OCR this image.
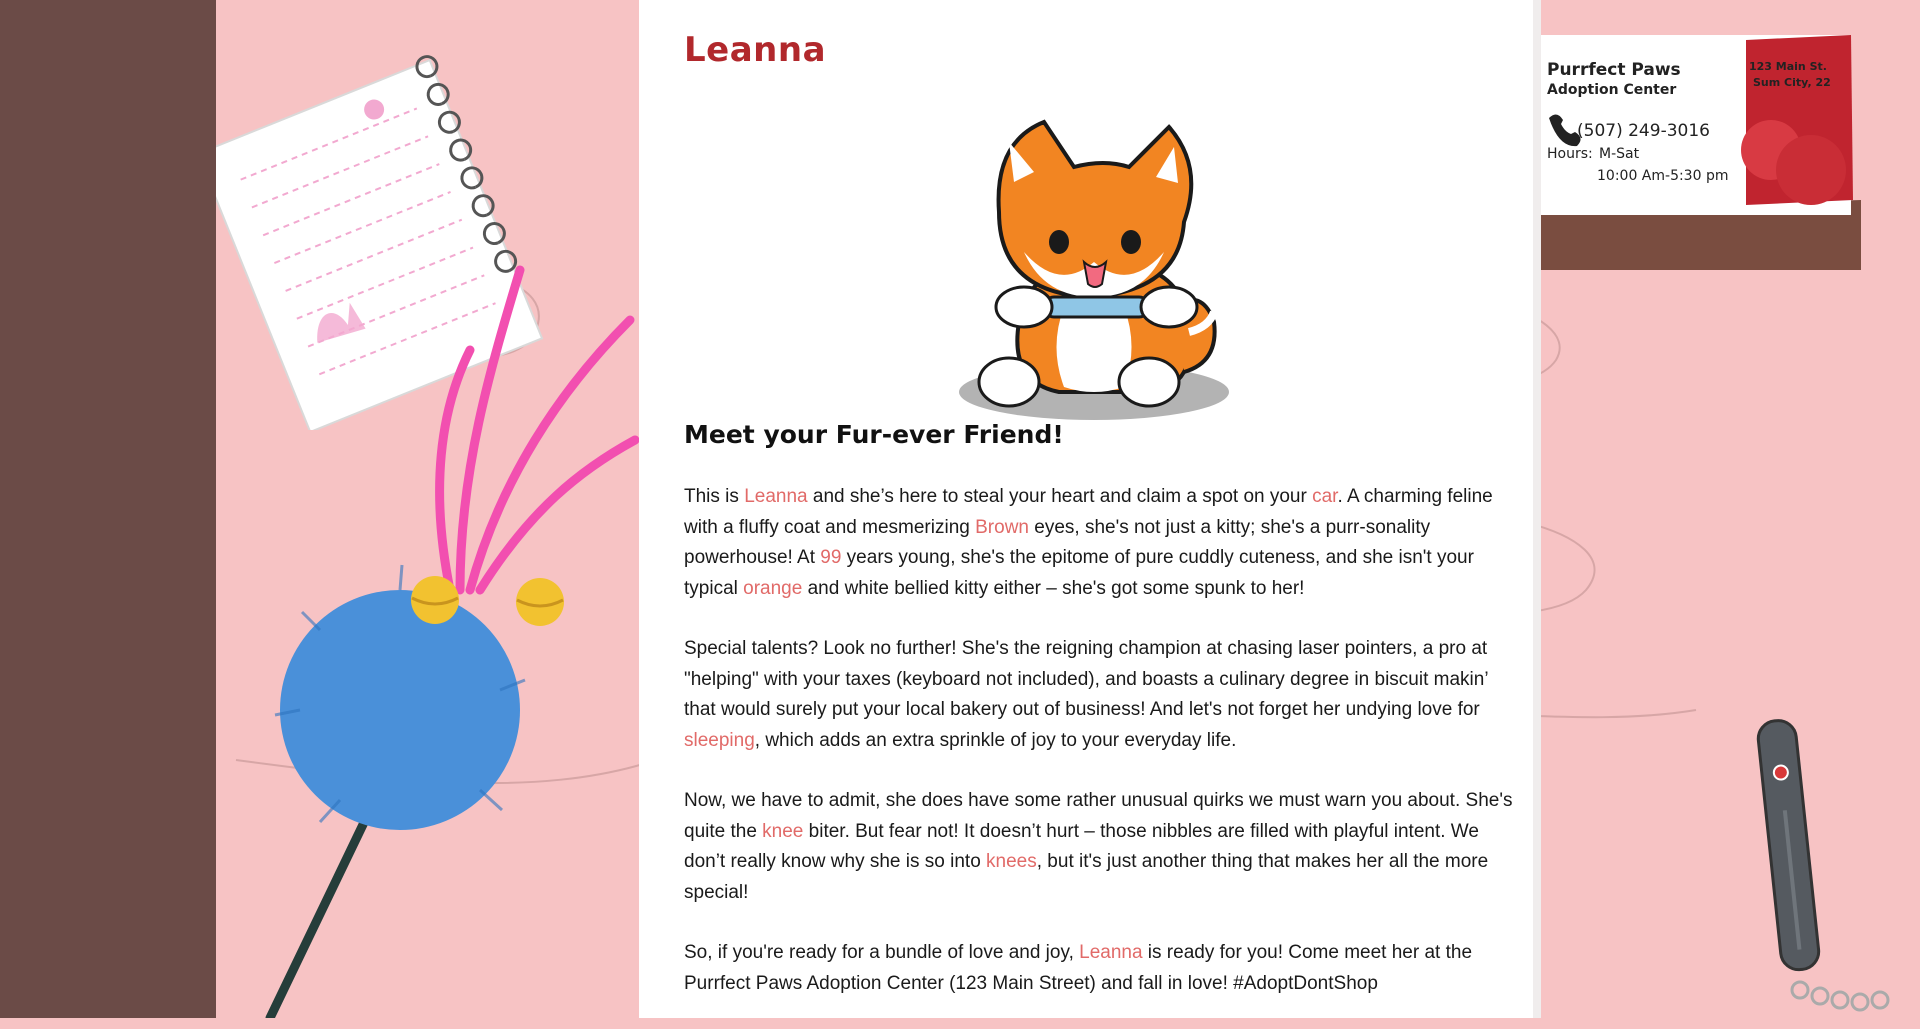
Purrfect Paws
Adoption Center
123 Main St.
Sum City, 22
(507) 249-3016
Hours: M-Sat
10:00 Am-5:30 pm
Leanna
Meet your Fur-ever Friend!

This is Leanna and she’s here to steal your heart and claim a spot on your car. A charming feline with a fluffy coat and mesmerizing Brown eyes, she's not just a kitty; she's a purr-sonality powerhouse! At 99 years young, she's the epitome of pure cuddly cuteness, and she isn't your typical orange and white bellied kitty either – she's got some spunk to her!

Special talents? Look no further! She's the reigning champion at chasing laser pointers, a pro at "helping" with your taxes (keyboard not included), and boasts a culinary degree in biscuit makin’ that would surely put your local bakery out of business! And let's not forget her undying love for sleeping, which adds an extra sprinkle of joy to your everyday life.

Now, we have to admit, she does have some rather unusual quirks we must warn you about. She's quite the knee biter. But fear not! It doesn’t hurt – those nibbles are filled with playful intent. We don’t really know why she is so into knees, but it's just another thing that makes her all the more special!

So, if you're ready for a bundle of love and joy, Leanna is ready for you! Come meet her at the Purrfect Paws Adoption Center (123 Main Street) and fall in love! #AdoptDontShop
